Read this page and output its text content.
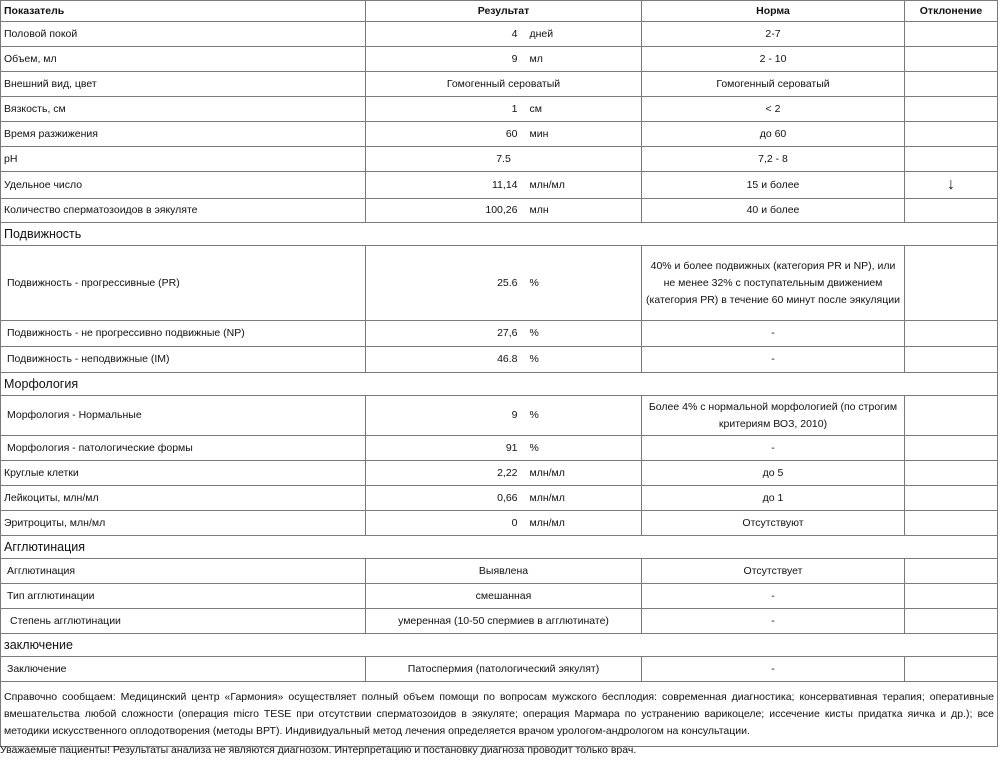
Показатель	Результат	Норма	Отклонение
Половой покой	4 дней	2-7	
Объем, мл	9 мл	2 - 10	
Внешний вид, цвет	Гомогенный сероватый	Гомогенный сероватый	
Вязкость, см	1 см	< 2	
Время разжижения	60 мин	до 60	
pH	7.5	7,2 - 8	
Удельное число	11,14 млн/мл	15 и более	↓
Количество сперматозоидов в эякуляте	100,26 млн	40 и более	
Подвижность			
Подвижность - прогрессивные (PR)	25.6 %	40% и более подвижных (категория PR и NP), или не менее 32% с поступательным движением (категория PR) в течение 60 минут после эякуляции	

Подвижность - не прогрессивно подвижные (NP)	27,6 %	-	
Подвижность - неподвижные (IM)	46.8 %	-	
Морфология			
Морфология - Нормальные	9 %	Более 4% с нормальной морфологией (по строгим критериям ВОЗ, 2010)	

Морфология - патологические формы	91 %	-	
Круглые клетки	2,22 млн/мл	до 5	
Лейкоциты, млн/мл	0,66 млн/мл	до 1	
Эритроциты, млн/мл	0 млн/мл	Отсутствуют	
Агглютинация			
Агглютинация	Выявлена	Отсутствует	
Тип агглютинации	смешанная	-	
Степень агглютинации	умеренная (10-50 спермиев в агглютинате)	-	
заключение			
Заключение	Патоспермия (патологический эякулят)	-	
Справочно сообщаем: Медицинский центр «Гармония» осуществляет полный объем помощи по вопросам мужского бесплодия: современная диагностика; консервативная терапия; оперативные вмешательства любой сложности (операция micro TESE при отсутствии сперматозоидов в эякуляте; операция Мармара по устранению варикоцеле; иссечение кисты придатка яичка и др.); все методики искусственного оплодотворения (методы ВРТ). Индивидуальный метод лечения определяется врачом урологом-андрологом на консультации.			
Уважаемые пациенты! Результаты анализа не являются диагнозом. Интерпретацию и постановку диагноза проводит только врач.
